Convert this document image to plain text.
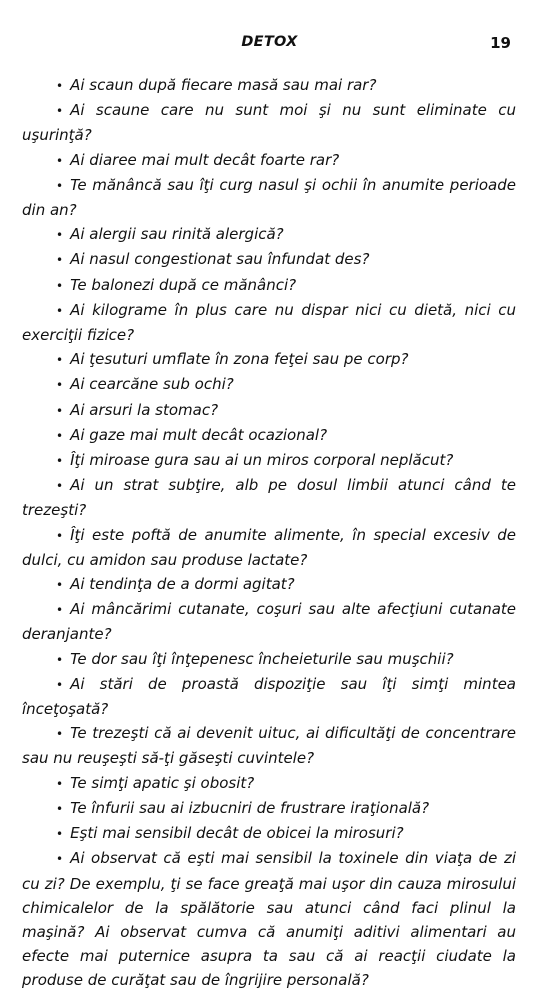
DETOX	19

• Ai scaun după fiecare masă sau mai rar?

• Ai scaune care nu sunt moi şi nu sunt eliminate cu uşurinţă?

• Ai diaree mai mult decât foarte rar?

• Te mănâncă sau îţi curg nasul şi ochii în anumite perioade din an?

• Ai alergii sau rinită alergică?

• Ai nasul congestionat sau înfundat des?

• Te balonezi după ce mănânci?

• Ai kilograme în plus care nu dispar nici cu dietă, nici cu exerciţii fizice?

• Ai ţesuturi umflate în zona feţei sau pe corp?

• Ai cearcăne sub ochi?

• Ai arsuri la stomac?

• Ai gaze mai mult decât ocazional?

• Îţi miroase gura sau ai un miros corporal neplăcut?

• Ai un strat subţire, alb pe dosul limbii atunci când te trezeşti?

• Îţi este poftă de anumite alimente, în special excesiv de dulci, cu amidon sau produse lactate?

• Ai tendinţa de a dormi agitat?

• Ai mâncărimi cutanate, coşuri sau alte afecţiuni cutanate deranjante?

• Te dor sau îţi înţepenesc încheieturile sau muşchii?

• Ai stări de proastă dispoziţie sau îţi simţi mintea înceţoşată?

• Te trezeşti că ai devenit uituc, ai dificultăţi de concentrare sau nu reuşeşti să-ţi găseşti cuvintele?

• Te simţi apatic şi obosit?

• Te înfurii sau ai izbucniri de frustrare iraţională?

• Eşti mai sensibil decât de obicei la mirosuri?

• Ai observat că eşti mai sensibil la toxinele din viaţa de zi cu zi? De exemplu, ţi se face greaţă mai uşor din cauza mirosului chimicalelor de la spălătorie sau atunci când faci plinul la maşină? Ai observat cumva că anumiţi aditivi alimentari au efecte mai puternice asupra ta sau că ai reacţii ciudate la produse de curăţat sau de îngrijire personală?
